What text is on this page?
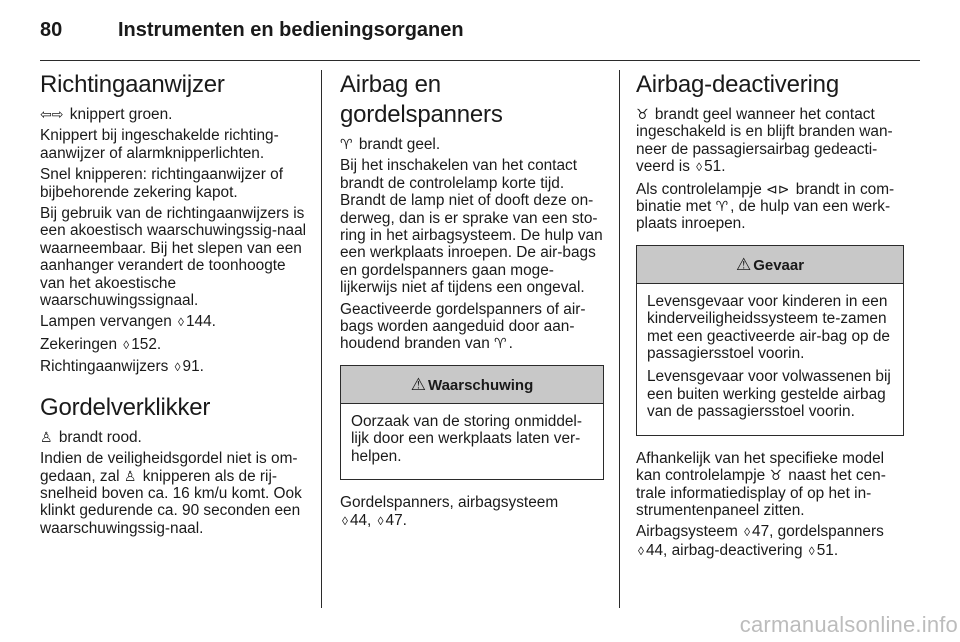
80	Instrumenten en bedieningsorganen
Richtingaanwijzer

⇦⇨ knippert groen.

Knippert bij ingeschakelde richting-aanwijzer of alarmknipperlichten.

Snel knipperen: richtingaanwijzer of bijbehorende zekering kapot.

Bij gebruik van de richtingaanwijzers is een akoestisch waarschuwingssig-naal waarneembaar. Bij het slepen van een aanhanger verandert de toonhoogte van het akoestische waarschuwingssignaal.

Lampen vervangen ◊ 144.

Zekeringen ◊ 152.

Richtingaanwijzers ◊ 91.

Gordelverklikker

♙ brandt rood.

Indien de veiligheidsgordel niet is om-gedaan, zal ♙ knipperen als de rij-snelheid boven ca. 16 km/u komt. Ook klinkt gedurende ca. 90 seconden een waarschuwingssig-naal.

Airbag en gordelspanners

♈ brandt geel.

Bij het inschakelen van het contact brandt de controlelamp korte tijd. Brandt de lamp niet of dooft deze on-derweg, dan is er sprake van een sto-ring in het airbagsysteem. De hulp van een werkplaats inroepen. De air-bags en gordelspanners gaan moge-lijkerwijs niet af tijdens een ongeval.

Geactiveerde gordelspanners of air-bags worden aangeduid door aan-houdend branden van ♈ .

⚠ Waarschuwing

Oorzaak van de storing onmiddel-lijk door een werkplaats laten ver-helpen.

Gordelspanners, airbagsysteem
◊ 44, ◊ 47.

Airbag-deactivering

♉ brandt geel wanneer het contact ingeschakeld is en blijft branden wan-neer de passagiersairbag gedeacti-veerd is ◊ 51.

Als controlelampje ⊲⊳ brandt in com-binatie met ♈ , de hulp van een werk-plaats inroepen.

⚠ Gevaar

Levensgevaar voor kinderen in een kinderveiligheidssysteem te-zamen met een geactiveerde air-bag op de passagiersstoel voorin.

Levensgevaar voor volwassenen bij een buiten werking gestelde airbag van de passagiersstoel voorin.

Afhankelijk van het specifieke model kan controlelampje ♉ naast het cen-trale informatiedisplay of op het in-strumentenpaneel zitten.

Airbagsysteem ◊ 47, gordelspanners
◊ 44, airbag-deactivering ◊ 51.

carmanualsonline.info
